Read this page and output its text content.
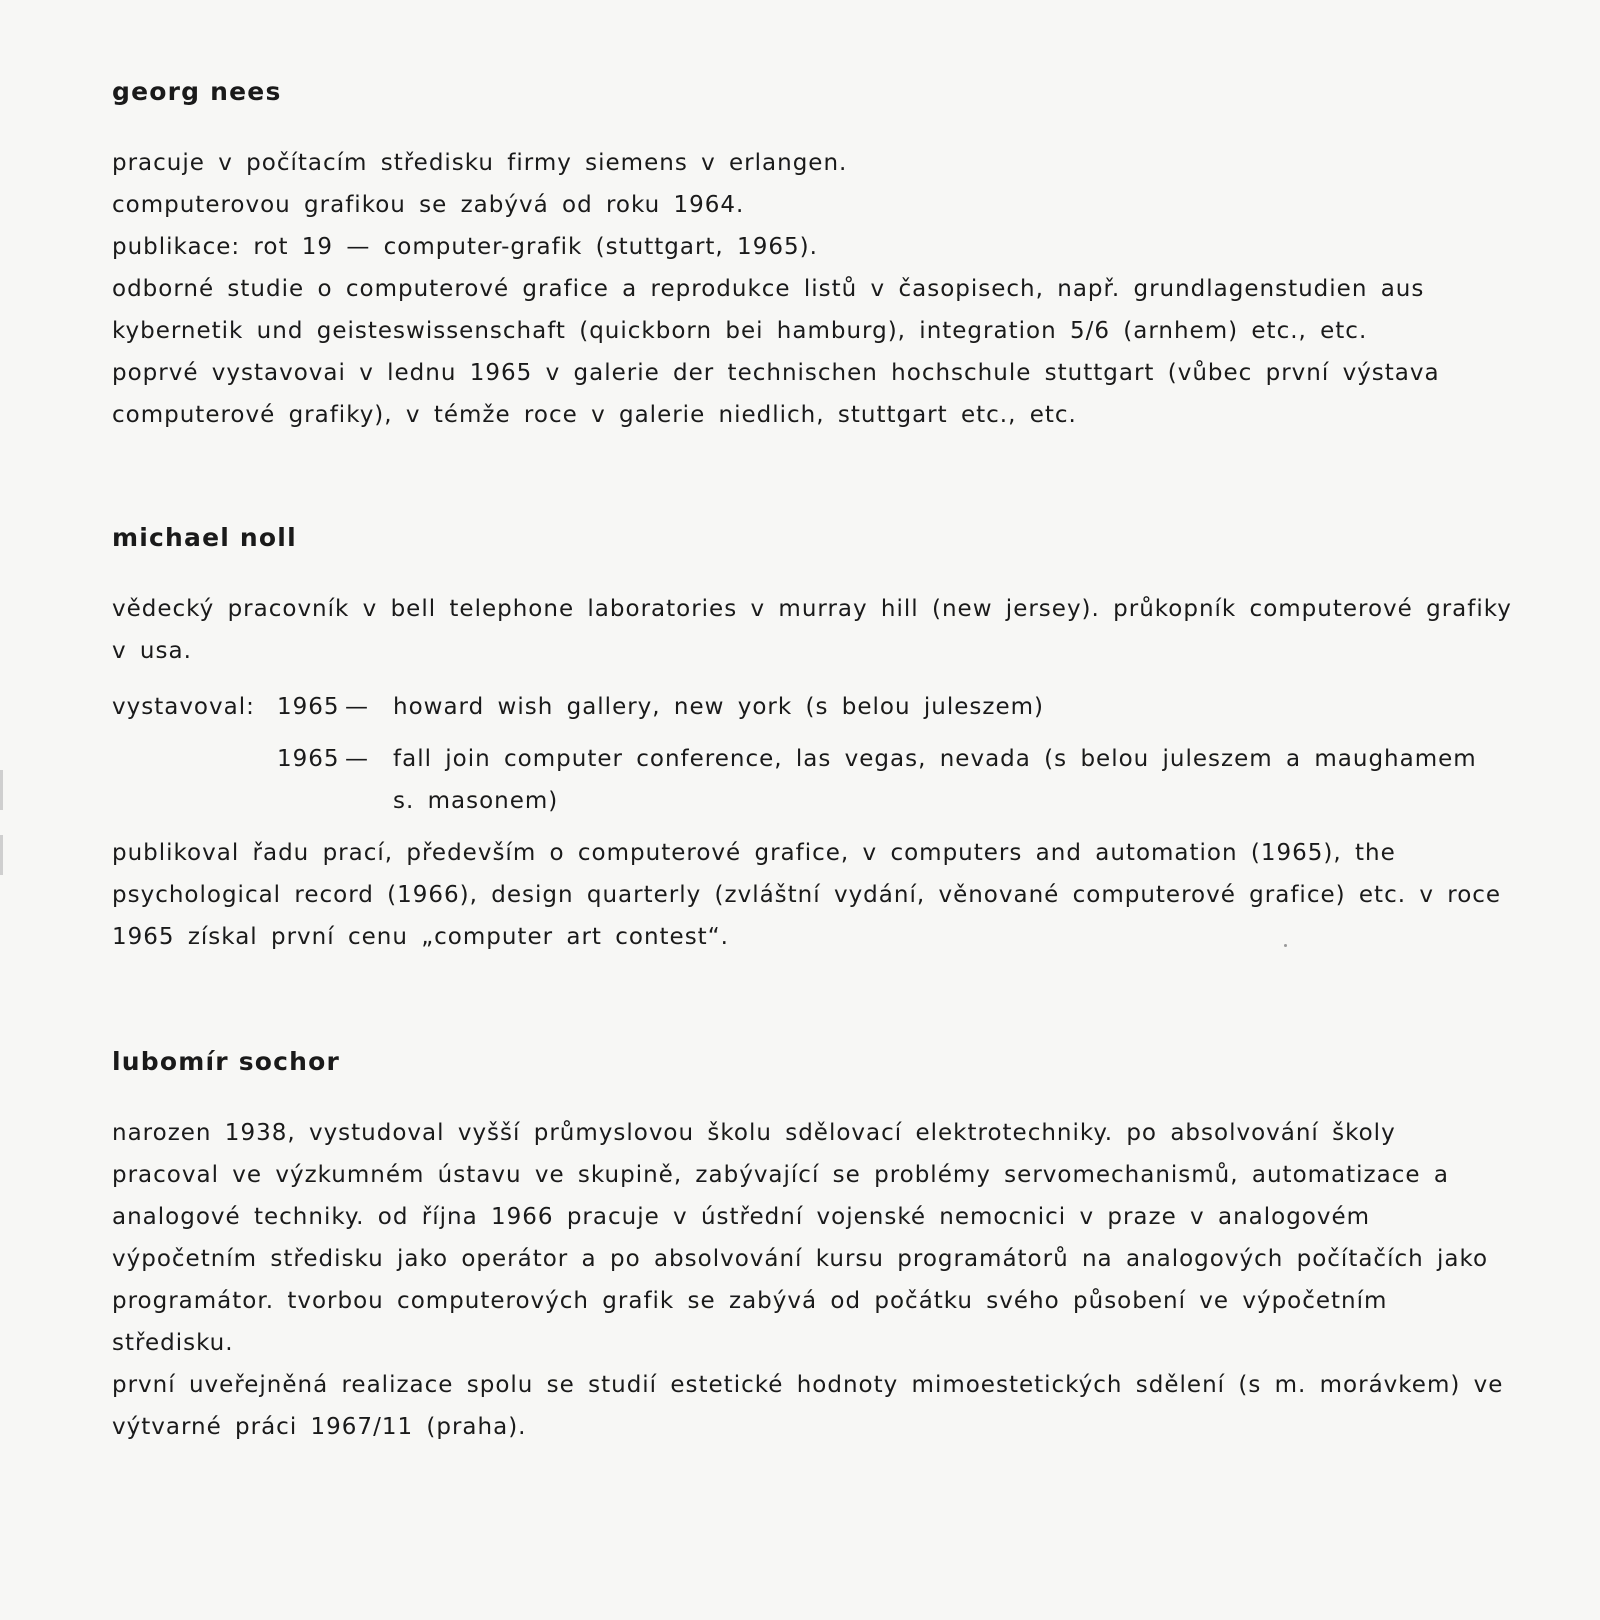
georg nees

pracuje v počítacím středisku firmy siemens v erlangen.

computerovou grafikou se zabývá od roku 1964.

publikace: rot 19 — computer-grafik (stuttgart, 1965).

odborné studie o computerové grafice a reprodukce listů v časopisech, např. grundlagenstudien aus kybernetik und geisteswissenschaft (quickborn bei hamburg), integration 5/6 (arnhem) etc., etc.

poprvé vystavovai v lednu 1965 v galerie der technischen hochschule stuttgart (vůbec první výstava computerové grafiky), v témže roce v galerie niedlich, stuttgart etc., etc.

michael noll

vědecký pracovník v bell telephone laboratories v murray hill (new jersey). průkopník computerové grafiky v usa.

vystavoval: 1965 —	howard wish gallery, new york (s belou juleszem)
1965 —	fall join computer conference, las vegas, nevada (s belou juleszem a maughamem s. masonem)

publikoval řadu prací, především o computerové grafice, v computers and automation (1965), the psychological record (1966), design quarterly (zvláštní vydání, věnované computerové grafice) etc. v roce 1965 získal první cenu „computer art contest“.

lubomír sochor

narozen 1938, vystudoval vyšší průmyslovou školu sdělovací elektrotechniky. po absolvování školy pracoval ve výzkumném ústavu ve skupině, zabývající se problémy servomechanismů, automatizace a analogové techniky. od října 1966 pracuje v ústřední vojenské nemocnici v praze v analogovém výpočetním středisku jako operátor a po absolvování kursu programátorů na analogových počítačích jako programátor. tvorbou computerových grafik se zabývá od počátku svého působení ve výpočetním středisku.

první uveřejněná realizace spolu se studií estetické hodnoty mimoestetických sdělení (s m. morávkem) ve výtvarné práci 1967/11 (praha).
